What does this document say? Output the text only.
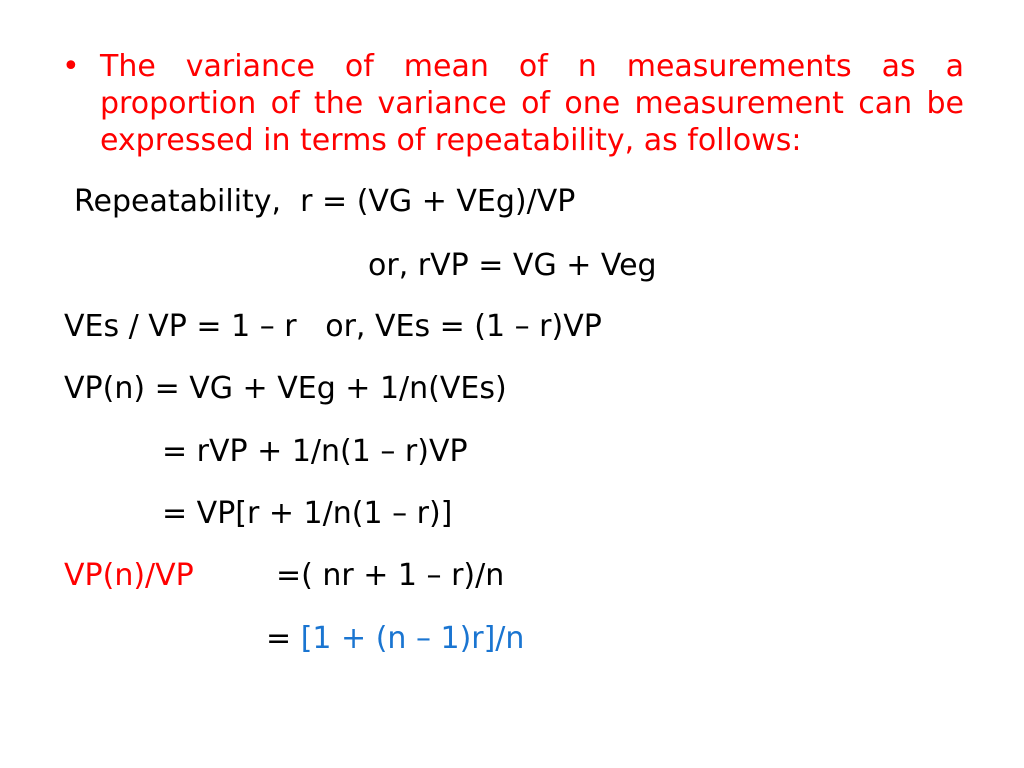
• The variance of mean of n measurements as a proportion of the variance of one measurement can be expressed in terms of repeatability, as follows:
Repeatability,  r = (VG + VEg)/VP
or, rVP = VG + Veg
VEs / VP = 1 – r   or, VEs = (1 – r)VP
VP(n) = VG + VEg + 1/n(VEs)
= rVP + 1/n(1 – r)VP
= VP[r + 1/n(1 – r)]
VP(n)/VP	=( nr + 1 – r)/n
= [1 + (n – 1)r]/n
